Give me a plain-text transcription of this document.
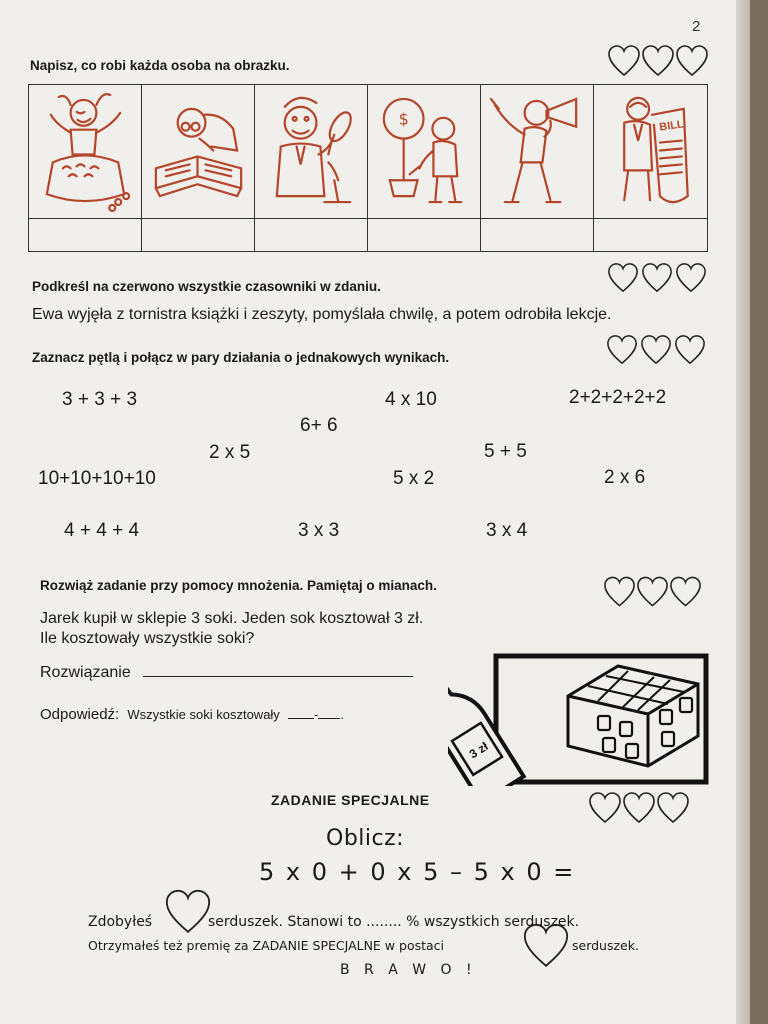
2
Napisz, co robi każda osoba na obrazku.
$	BILL
Podkreśl na czerwono wszystkie czasowniki w zdaniu.
Ewa wyjęła z tornistra książki i zeszyty, pomyślała chwilę, a potem odrobiła lekcje.
Zaznacz pętlą i połącz w pary działania o jednakowych wynikach.
3 + 3 + 3	4 x 10	2+2+2+2+2
6+ 6
2 x 5	5 + 5
10+10+10+10	5 x 2	2 x 6
4 + 4 + 4	3 x 3	3 x 4
Rozwiąż zadanie przy pomocy mnożenia. Pamiętaj o mianach.
Jarek kupił w sklepie 3 soki. Jeden sok kosztował 3 zł.
Ile kosztowały wszystkie soki?
Rozwiązanie
Odpowiedź: Wszystkie soki kosztowały	- .
3 zł
ZADANIE SPECJALNE
Oblicz:
5 x 0 + 0 x 5 – 5 x 0 =
Zdobyłeś	serduszek. Stanowi to ........ % wszystkich serduszek.
Otrzymałeś też premię za ZADANIE SPECJALNE w postaci	serduszek.
B R A W O !
